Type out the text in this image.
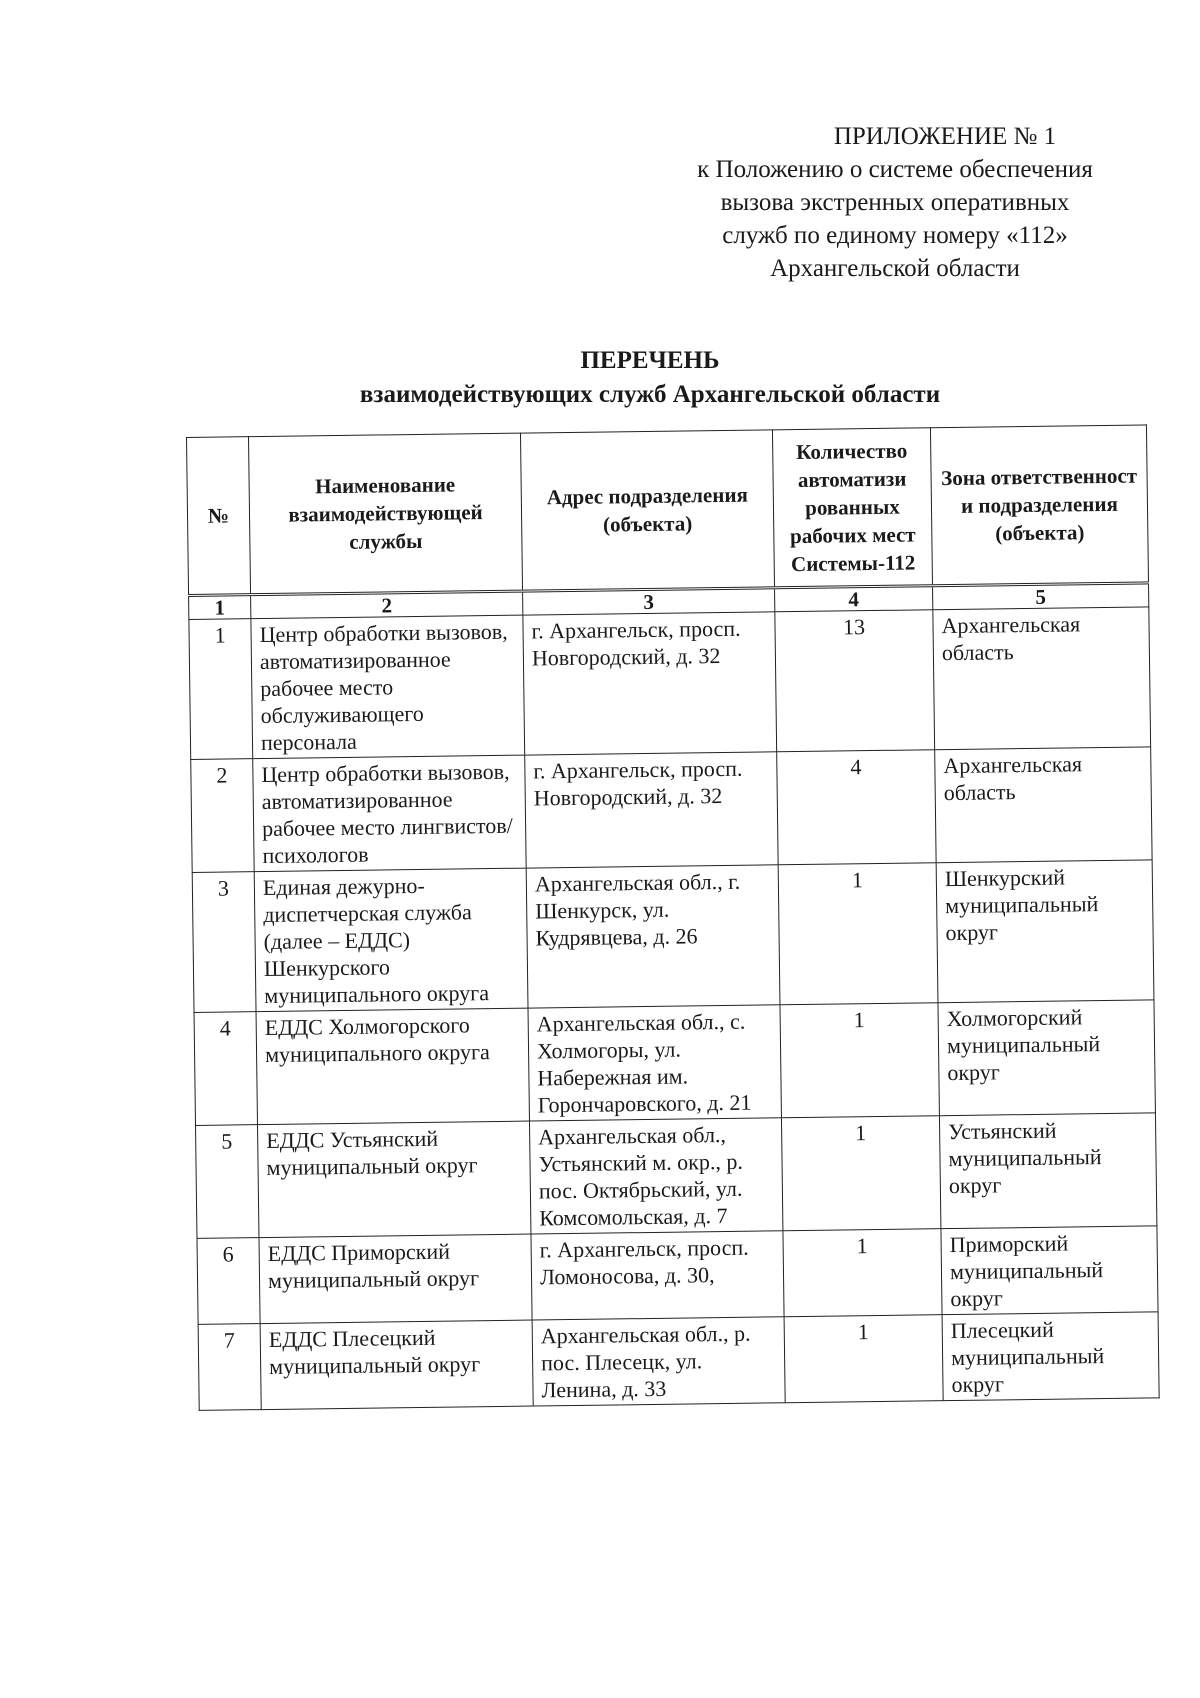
ПРИЛОЖЕНИЕ № 1
к Положению о системе обеспечения
вызова экстренных оперативных
служб по единому номеру «112»
Архангельской области
ПЕРЕЧЕНЬ
взаимодействующих служб Архангельской области
№	Наименование взаимодействующей службы	Адрес подразделения (объекта)	Количество автоматизи рованных рабочих мест Системы-112	Зона ответственност и подразделения (объекта)
1	2	3	4	5
1	Центр обработки вызовов, автоматизированное рабочее место обслуживающего персонала	г. Архангельск, просп. Новгородский, д. 32	13	Архангельская область
2	Центр обработки вызовов, автоматизированное рабочее место лингвистов/психологов	г. Архангельск, просп. Новгородский, д. 32	4	Архангельская область
3	Единая дежурно-диспетчерская служба (далее – ЕДДС) Шенкурского муниципального округа	Архангельская обл., г. Шенкурск, ул. Кудрявцева, д. 26	1	Шенкурский муниципальный округ
4	ЕДДС Холмогорского муниципального округа	Архангельская обл., с. Холмогоры, ул. Набережная им. Горончаровского, д. 21	1	Холмогорский муниципальный округ
5	ЕДДС Устьянский муниципальный округ	Архангельская обл., Устьянский м. окр., р. пос. Октябрьский, ул. Комсомольская, д. 7	1	Устьянский муниципальный округ
6	ЕДДС Приморский муниципальный округ	г. Архангельск, просп. Ломоносова, д. 30,	1	Приморский муниципальный округ
7	ЕДДС Плесецкий муниципальный округ	Архангельская обл., р. пос. Плесецк, ул. Ленина, д. 33	1	Плесецкий муниципальный округ
